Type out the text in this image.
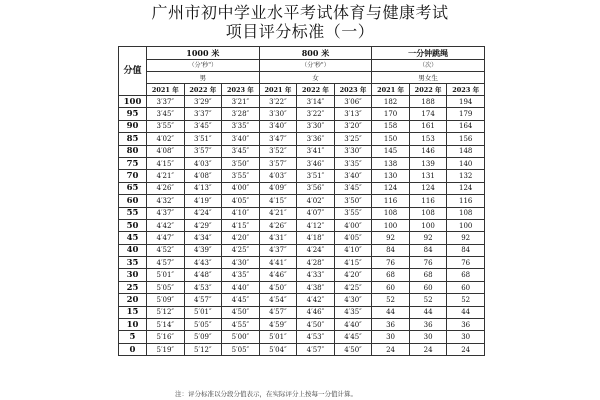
广州市初中学业水平考试体育与健康考试
项目评分标准（一）
分值	1000 米			800 米			一分钟跳绳		
	（分'秒"）			（分'秒"）			（次）		
	男			女			男女生		
	2021 年	2022 年	2023 年	2021 年	2022 年	2023 年	2021 年	2022 年	2023 年
100	3′37″	3′29″	3′21″	3′22″	3′14″	3′06″	182	188	194
95	3′45″	3′37″	3′28″	3′30″	3′22″	3′13″	170	174	179
90	3′55″	3′45″	3′35″	3′40″	3′30″	3′20″	158	161	164
85	4′02″	3′51″	3′40″	3′47″	3′36″	3′25″	150	153	156
80	4′08″	3′57″	3′45″	3′52″	3′41″	3′30″	145	146	148
75	4′15″	4′03″	3′50″	3′57″	3′46″	3′35″	138	139	140
70	4′21″	4′08″	3′55″	4′03″	3′51″	3′40″	130	131	132
65	4′26″	4′13″	4′00″	4′09″	3′56″	3′45″	124	124	124
60	4′32″	4′19″	4′05″	4′15″	4′02″	3′50″	116	116	116
55	4′37″	4′24″	4′10″	4′21″	4′07″	3′55″	108	108	108
50	4′42″	4′29″	4′15″	4′26″	4′12″	4′00″	100	100	100
45	4′47″	4′34″	4′20″	4′31″	4′18″	4′05″	92	92	92
40	4′52″	4′39″	4′25″	4′37″	4′24″	4′10″	84	84	84
35	4′57″	4′43″	4′30″	4′41″	4′28″	4′15″	76	76	76
30	5′01″	4′48″	4′35″	4′46″	4′33″	4′20″	68	68	68
25	5′05″	4′53″	4′40″	4′50″	4′38″	4′25″	60	60	60
20	5′09″	4′57″	4′45″	4′54″	4′42″	4′30″	52	52	52
15	5′12″	5′01″	4′50″	4′57″	4′46″	4′35″	44	44	44
10	5′14″	5′05″	4′55″	4′59″	4′50″	4′40″	36	36	36
5	5′16″	5′09″	5′00″	5′01″	4′53″	4′45″	30	30	30
0	5′19″	5′12″	5′05″	5′04″	4′57″	4′50″	24	24	24
注：评分标准以分段分值表示，在实际评分上按每一分值计算。
